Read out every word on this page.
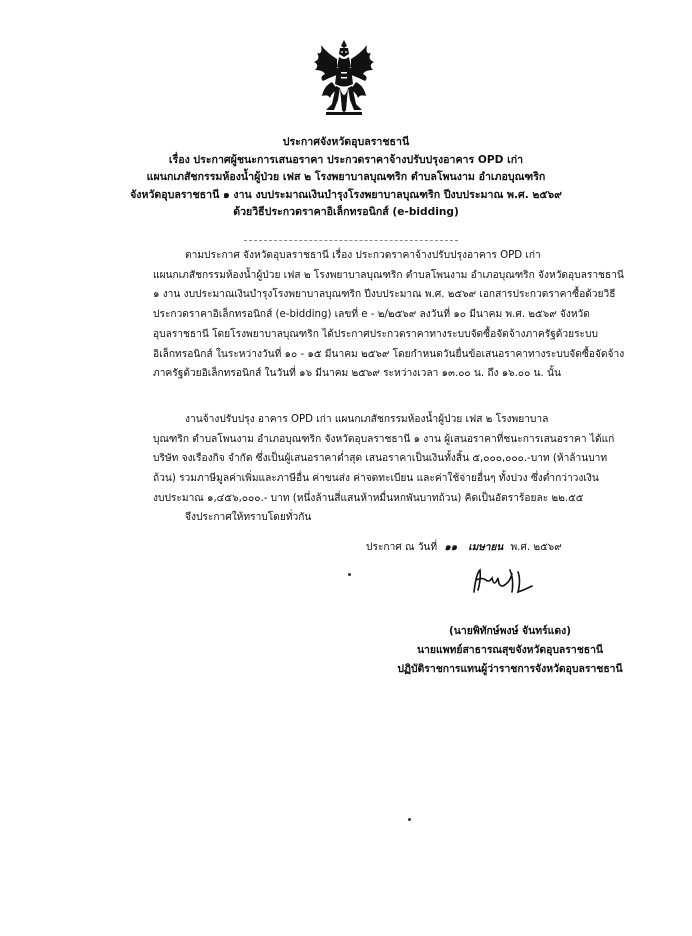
ประกาศจังหวัดอุบลราชธานี
เรื่อง ประกาศผู้ชนะการเสนอราคา ประกวดราคาจ้างปรับปรุงอาคาร OPD เก่า
แผนกเภสัชกรรมห้องน้ำผู้ป่วย เฟส ๒ โรงพยาบาลบุณฑริก ตำบลโพนงาม อำเภอบุณฑริก
จังหวัดอุบลราชธานี ๑ งาน งบประมาณเงินบำรุงโรงพยาบาลบุณฑริก ปีงบประมาณ พ.ศ. ๒๕๖๙
ด้วยวิธีประกวดราคาอิเล็กทรอนิกส์ (e-bidding)
ตามประกาศ จังหวัดอุบลราชธานี เรื่อง ประกวดราคาจ้างปรับปรุงอาคาร OPD เก่า
แผนกเภสัชกรรมห้องน้ำผู้ป่วย เฟส ๒ โรงพยาบาลบุณฑริก ตำบลโพนงาม อำเภอบุณฑริก จังหวัดอุบลราชธานี
๑ งาน งบประมาณเงินบำรุงโรงพยาบาลบุณฑริก ปีงบประมาณ พ.ศ. ๒๕๖๙ เอกสารประกวดราคาซื้อด้วยวิธี
ประกวดราคาอิเล็กทรอนิกส์ (e-bidding) เลขที่ e - ๒/๒๕๖๙ ลงวันที่ ๑๐ มีนาคม พ.ศ. ๒๕๖๙ จังหวัด
อุบลราชธานี โดยโรงพยาบาลบุณฑริก ได้ประกาศประกวดราคาทางระบบจัดซื้อจัดจ้างภาครัฐด้วยระบบ
อิเล็กทรอนิกส์ ในระหว่างวันที่ ๑๐ - ๑๕ มีนาคม ๒๕๖๙ โดยกำหนดวันยื่นข้อเสนอราคาทางระบบจัดซื้อจัดจ้าง
ภาครัฐด้วยอิเล็กทรอนิกส์ ในวันที่ ๑๖ มีนาคม ๒๕๖๙ ระหว่างเวลา ๑๓.๐๐ น. ถึง ๑๖.๐๐ น. นั้น
งานจ้างปรับปรุง อาคาร OPD เก่า แผนกเภสัชกรรมห้องน้ำผู้ป่วย เฟส ๒ โรงพยาบาล
บุณฑริก ตำบลโพนงาม อำเภอบุณฑริก จังหวัดอุบลราชธานี ๑ งาน ผู้เสนอราคาที่ชนะการเสนอราคา ได้แก่
บริษัท จงเรืองกิจ จำกัด ซึ่งเป็นผู้เสนอราคาต่ำสุด เสนอราคาเป็นเงินทั้งสิ้น ๕,๐๐๐,๐๐๐.-บาท (ห้าล้านบาท
ถ้วน) รวมภาษีมูลค่าเพิ่มและภาษีอื่น ค่าขนส่ง ค่าจดทะเบียน และค่าใช้จ่ายอื่นๆ ทั้งปวง ซึ่งต่ำกว่าวงเงิน
งบประมาณ ๑,๔๕๖,๐๐๐.- บาท (หนึ่งล้านสี่แสนห้าหมื่นหกพันบาทถ้วน) คิดเป็นอัตราร้อยละ ๒๒.๕๕
จึงประกาศให้ทราบโดยทั่วกัน
ประกาศ ณ วันที่ ๑๑ เมษายน พ.ศ. ๒๕๖๙
(นายพิทักษ์พงษ์ จันทร์แดง)
นายแพทย์สาธารณสุขจังหวัดอุบลราชธานี
ปฏิบัติราชการแทนผู้ว่าราชการจังหวัดอุบลราชธานี
